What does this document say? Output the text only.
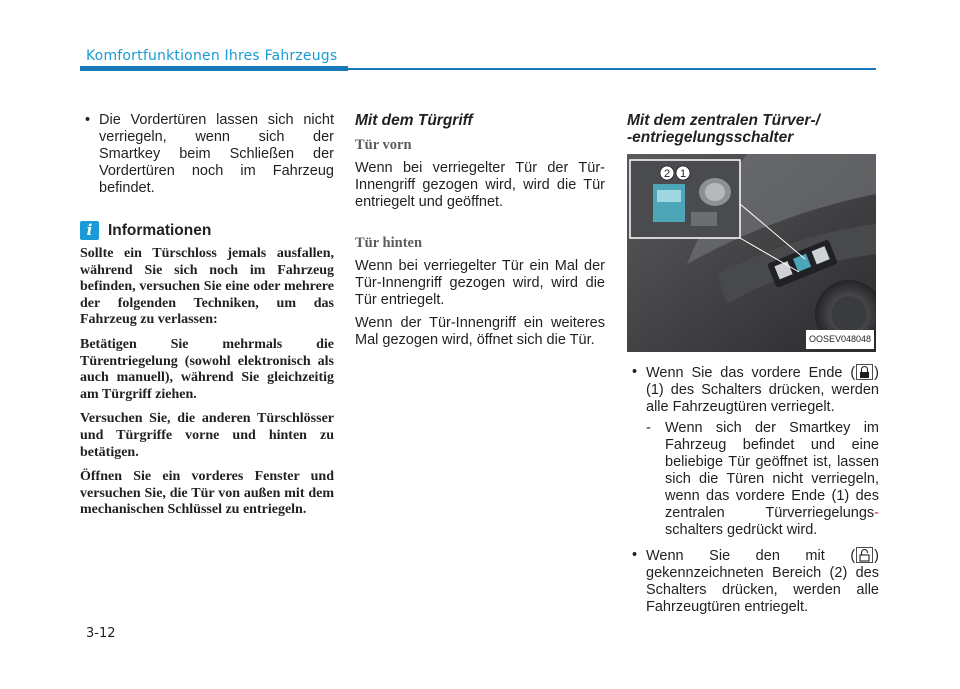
Komfortfunktionen Ihres Fahrzeugs
• Die Vordertüren lassen sich nicht
verriegeln, wenn sich der
Smartkey beim Schließen der
Vordertüren noch im Fahrzeug
befindet.
i	Informationen

Sollte ein Türschloss jemals ausfallen, während Sie sich noch im Fahrzeug befinden, versuchen Sie eine oder mehrere der folgenden Techniken, um das Fahrzeug zu verlassen:

Betätigen Sie mehrmals die Türentriegelung (sowohl elektronisch als auch manuell), während Sie gleichzeitig am Türgriff ziehen.

Versuchen Sie, die anderen Türschlösser und Türgriffe vorne und hinten zu betätigen.

Öffnen Sie ein vorderes Fenster und versuchen Sie, die Tür von außen mit dem mechanischen Schlüssel zu entriegeln.

Mit dem Türgriff

Tür vorn

Wenn bei verriegelter Tür der Tür-Innengriff gezogen wird, wird die Tür entriegelt und geöffnet.

Tür hinten

Wenn bei verriegelter Tür ein Mal der Tür-Innengriff gezogen wird, wird die Tür entriegelt.

Wenn der Tür-Innengriff ein weiteres Mal gezogen wird, öffnet sich die Tür.

Mit dem zentralen Türver-/
-entriegelungsschalter

2 1
OOSEV048048
• Wenn Sie das vordere Ende ( ) (1) des Schalters drücken, werden alle Fahrzeugtüren verriegelt.
- Wenn sich der Smartkey im Fahrzeug befindet und eine beliebige Tür geöffnet ist, lassen sich die Türen nicht verriegeln, wenn das vordere Ende (1) des zentralen Türverriegelungs- schalters gedrückt wird.
• Wenn Sie den mit ( ) gekennzeichneten Bereich (2) des Schalters drücken, werden alle Fahrzeugtüren entriegelt.
3-12
